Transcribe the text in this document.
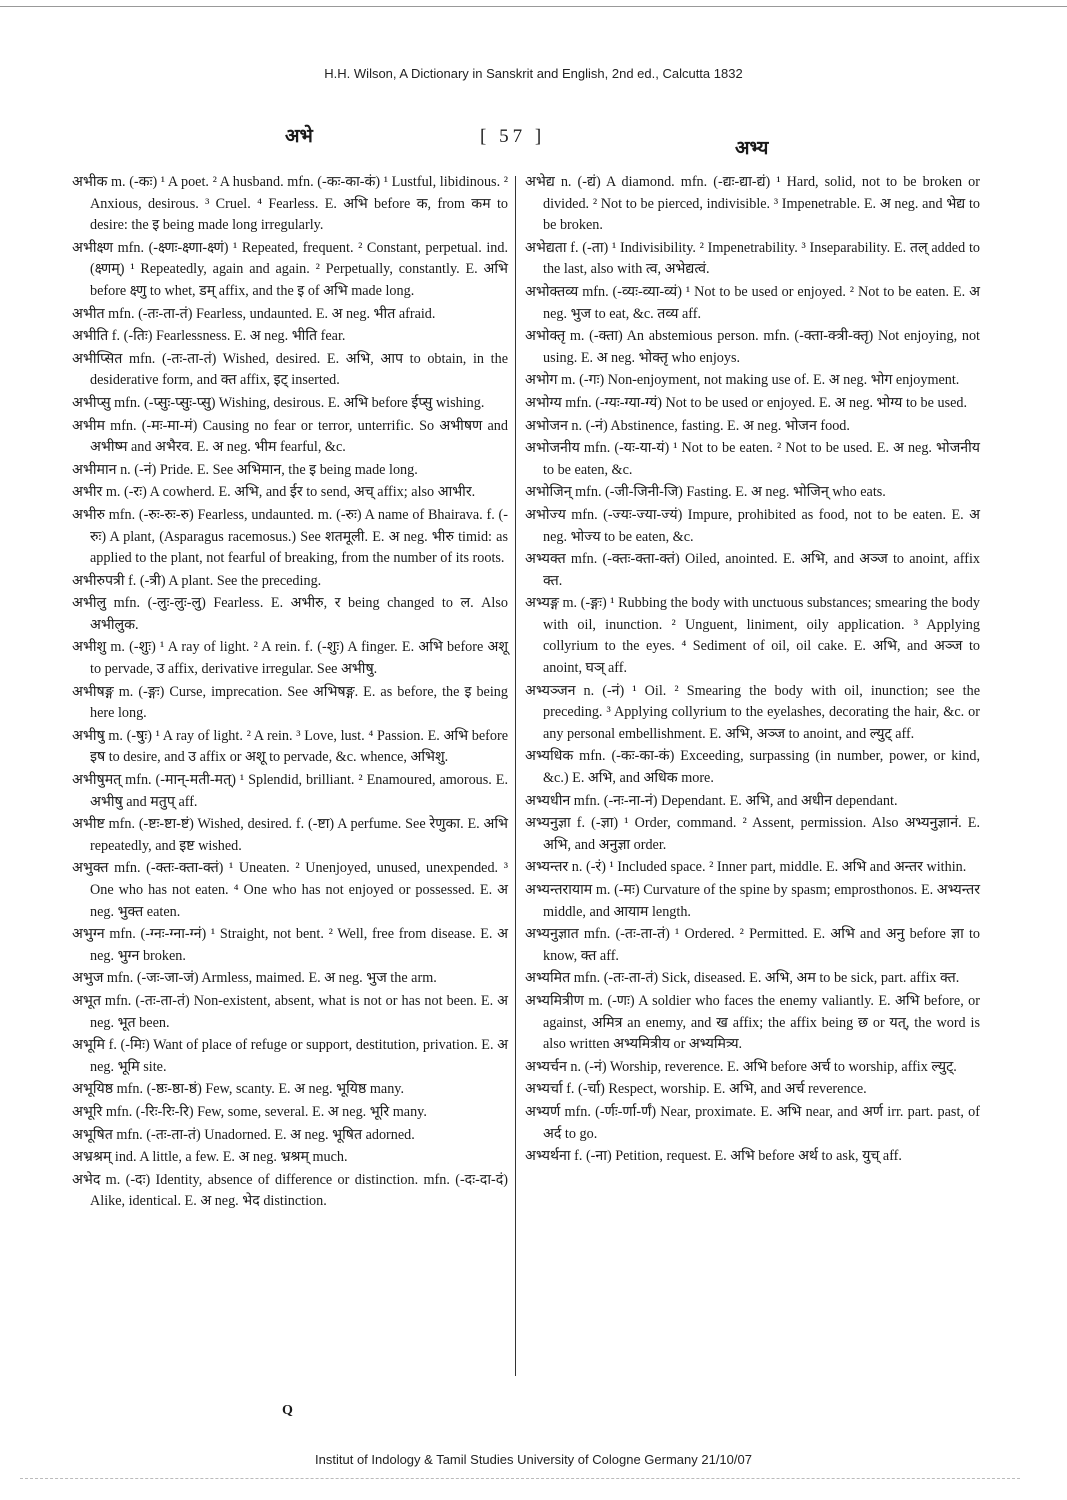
H.H. Wilson, A Dictionary in Sanskrit and English, 2nd ed., Calcutta 1832
अभे	[ 57 ]
अभ्य

अभीक m. (-कः) ¹ A poet. ² A husband. mfn. (-कः-का-कं) ¹ Lustful, libidinous. ² Anxious, desirous. ³ Cruel. ⁴ Fearless. E. अभि before क, from कम to desire: the इ being made long irregularly.

अभीक्ष्ण mfn. (-क्ष्णः-क्ष्णा-क्ष्णं) ¹ Repeated, frequent. ² Constant, perpetual. ind. (क्ष्णम्) ¹ Repeatedly, again and again. ² Perpetually, constantly. E. अभि before क्ष्णु to whet, डम् affix, and the इ of अभि made long.

अभीत mfn. (-तः-ता-तं) Fearless, undaunted. E. अ neg. भीत afraid.

अभीति f. (-तिः) Fearlessness. E. अ neg. भीति fear.

अभीप्सित mfn. (-तः-ता-तं) Wished, desired. E. अभि, आप to obtain, in the desiderative form, and क्त affix, इट् inserted.

अभीप्सु mfn. (-प्सुः-प्सुः-प्सु) Wishing, desirous. E. अभि before ईप्सु wishing.

अभीम mfn. (-मः-मा-मं) Causing no fear or terror, unterrific. So अभीषण and अभीष्म and अभैरव. E. अ neg. भीम fearful, &c.

अभीमान n. (-नं) Pride. E. See अभिमान, the इ being made long.

अभीर m. (-रः) A cowherd. E. अभि, and ईर to send, अच् affix; also आभीर.

अभीरु mfn. (-रुः-रुः-रु) Fearless, undaunted. m. (-रुः) A name of Bhairava. f. (-रुः) A plant, (Asparagus racemosus.) See शतमूली. E. अ neg. भीरु timid: as applied to the plant, not fearful of breaking, from the number of its roots.

अभीरुपत्री f. (-त्री) A plant. See the preceding.

अभीलु mfn. (-लुः-लुः-लु) Fearless. E. अभीरु, र being changed to ल. Also अभीलुक.

अभीशु m. (-शुः) ¹ A ray of light. ² A rein. f. (-शुः) A finger. E. अभि before अशू to pervade, उ affix, derivative irregular. See अभीषु.

अभीषङ्ग m. (-ङ्गः) Curse, imprecation. See अभिषङ्ग. E. as before, the इ being here long.

अभीषु m. (-षुः) ¹ A ray of light. ² A rein. ³ Love, lust. ⁴ Passion. E. अभि before इष to desire, and उ affix or अशू to pervade, &c. whence, अभिशु.

अभीषुमत् mfn. (-मान्-मती-मत्) ¹ Splendid, brilliant. ² Enamoured, amorous. E. अभीषु and मतुप् aff.

अभीष्ट mfn. (-ष्टः-ष्टा-ष्टं) Wished, desired. f. (-ष्टा) A perfume. See रेणुका. E. अभि repeatedly, and इष्ट wished.

अभुक्त mfn. (-क्तः-क्ता-क्तं) ¹ Uneaten. ² Unenjoyed, unused, unexpended. ³ One who has not eaten. ⁴ One who has not enjoyed or possessed. E. अ neg. भुक्त eaten.

अभुग्न mfn. (-ग्नः-ग्ना-ग्नं) ¹ Straight, not bent. ² Well, free from disease. E. अ neg. भुग्न broken.

अभुज mfn. (-जः-जा-जं) Armless, maimed. E. अ neg. भुज the arm.

अभूत mfn. (-तः-ता-तं) Non-existent, absent, what is not or has not been. E. अ neg. भूत been.

अभूमि f. (-मिः) Want of place of refuge or support, destitution, privation. E. अ neg. भूमि site.

अभूयिष्ठ mfn. (-ष्ठः-ष्ठा-ष्ठं) Few, scanty. E. अ neg. भूयिष्ठ many.

अभूरि mfn. (-रिः-रिः-रि) Few, some, several. E. अ neg. भूरि many.

अभूषित mfn. (-तः-ता-तं) Unadorned. E. अ neg. भूषित adorned.

अभ्रश्रम् ind. A little, a few. E. अ neg. भ्रश्रम् much.

अभेद m. (-दः) Identity, absence of difference or distinction. mfn. (-दः-दा-दं) Alike, identical. E. अ neg. भेद distinction.

अभेद्य n. (-द्यं) A diamond. mfn. (-द्यः-द्या-द्यं) ¹ Hard, solid, not to be broken or divided. ² Not to be pierced, indivisible. ³ Impenetrable. E. अ neg. and भेद्य to be broken.

अभेद्यता f. (-ता) ¹ Indivisibility. ² Impenetrability. ³ Inseparability. E. तल् added to the last, also with त्व, अभेद्यत्वं.

अभोक्तव्य mfn. (-व्यः-व्या-व्यं) ¹ Not to be used or enjoyed. ² Not to be eaten. E. अ neg. भुज to eat, &c. तव्य aff.

अभोक्तृ m. (-क्ता) An abstemious person. mfn. (-क्ता-क्त्री-क्तृ) Not enjoying, not using. E. अ neg. भोक्तृ who enjoys.

अभोग m. (-गः) Non-enjoyment, not making use of. E. अ neg. भोग enjoyment.

अभोग्य mfn. (-ग्यः-ग्या-ग्यं) Not to be used or enjoyed. E. अ neg. भोग्य to be used.

अभोजन n. (-नं) Abstinence, fasting. E. अ neg. भोजन food.

अभोजनीय mfn. (-यः-या-यं) ¹ Not to be eaten. ² Not to be used. E. अ neg. भोजनीय to be eaten, &c.

अभोजिन् mfn. (-जी-जिनी-जि) Fasting. E. अ neg. भोजिन् who eats.

अभोज्य mfn. (-ज्यः-ज्या-ज्यं) Impure, prohibited as food, not to be eaten. E. अ neg. भोज्य to be eaten, &c.

अभ्यक्त mfn. (-क्तः-क्ता-क्तं) Oiled, anointed. E. अभि, and अञ्ज to anoint, affix क्त.

अभ्यङ्ग m. (-ङ्गः) ¹ Rubbing the body with unctuous substances; smearing the body with oil, inunction. ² Unguent, liniment, oily application. ³ Applying collyrium to the eyes. ⁴ Sediment of oil, oil cake. E. अभि, and अञ्ज to anoint, घञ् aff.

अभ्यञ्जन n. (-नं) ¹ Oil. ² Smearing the body with oil, inunction; see the preceding. ³ Applying collyrium to the eyelashes, decorating the hair, &c. or any personal embellishment. E. अभि, अञ्ज to anoint, and ल्युट् aff.

अभ्यधिक mfn. (-कः-का-कं) Exceeding, surpassing (in number, power, or kind, &c.) E. अभि, and अधिक more.

अभ्यधीन mfn. (-नः-ना-नं) Dependant. E. अभि, and अधीन dependant.

अभ्यनुज्ञा f. (-ज्ञा) ¹ Order, command. ² Assent, permission. Also अभ्यनुज्ञानं. E. अभि, and अनुज्ञा order.

अभ्यन्तर n. (-रं) ¹ Included space. ² Inner part, middle. E. अभि and अन्तर within.

अभ्यन्तरायाम m. (-मः) Curvature of the spine by spasm; emprosthonos. E. अभ्यन्तर middle, and आयाम length.

अभ्यनुज्ञात mfn. (-तः-ता-तं) ¹ Ordered. ² Permitted. E. अभि and अनु before ज्ञा to know, क्त aff.

अभ्यमित mfn. (-तः-ता-तं) Sick, diseased. E. अभि, अम to be sick, part. affix क्त.

अभ्यमित्रीण m. (-णः) A soldier who faces the enemy valiantly. E. अभि before, or against, अमित्र an enemy, and ख affix; the affix being छ or यत्, the word is also written अभ्यमित्रीय or अभ्यमित्र्य.

अभ्यर्चन n. (-नं) Worship, reverence. E. अभि before अर्च to worship, affix ल्युट्.

अभ्यर्चा f. (-र्चा) Respect, worship. E. अभि, and अर्च reverence.

अभ्यर्ण mfn. (-र्णः-र्णा-र्णं) Near, proximate. E. अभि near, and अर्ण irr. part. past, of अर्द to go.

अभ्यर्थना f. (-ना) Petition, request. E. अभि before अर्थ to ask, युच् aff.

Q
Institut of Indology & Tamil Studies University of Cologne Germany 21/10/07
